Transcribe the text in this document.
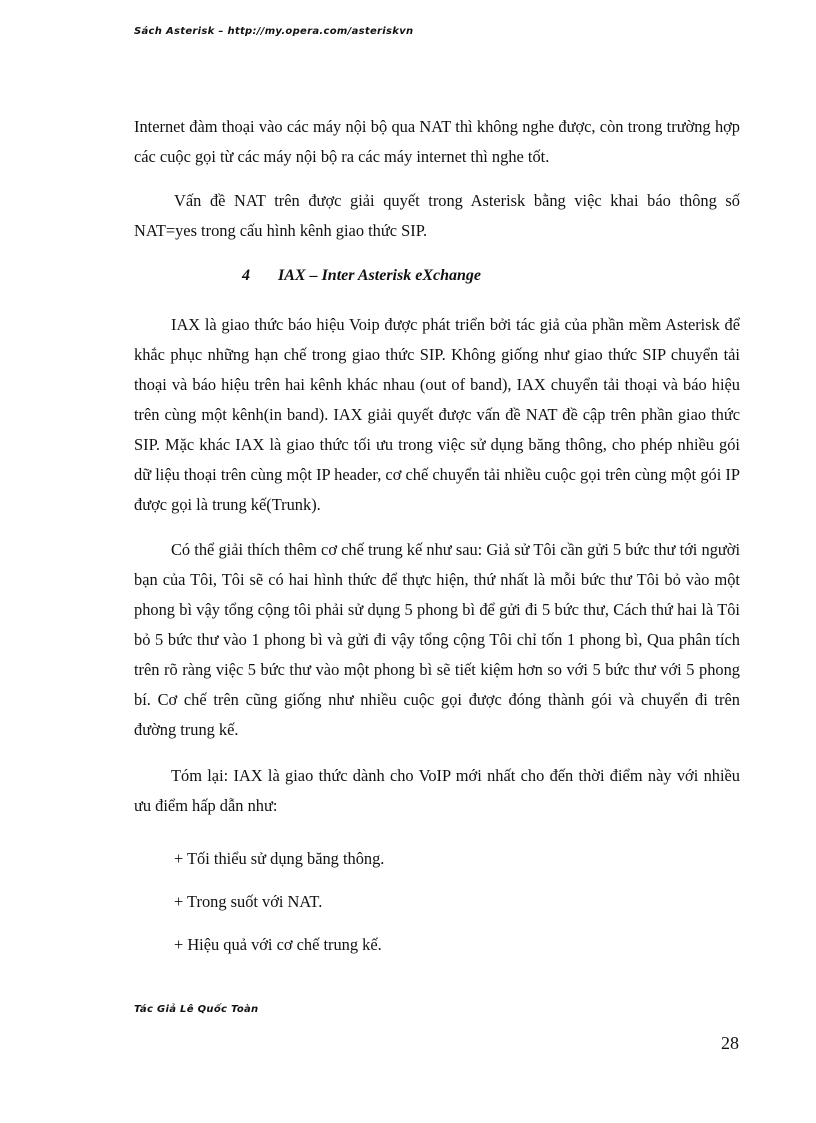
Sách Asterisk – http://my.opera.com/asteriskvn

Internet đàm thoại vào các máy nội bộ qua NAT thì không nghe được, còn trong trường hợp các cuộc gọi từ các máy nội bộ ra các máy internet thì nghe tốt.

Vấn đề NAT trên được giải quyết trong Asterisk bằng việc khai báo thông số NAT=yes trong cấu hình kênh giao thức SIP.

4 IAX – Inter Asterisk eXchange

IAX là giao thức báo hiệu Voip được phát triển bởi tác giả của phần mềm Asterisk để khắc phục những hạn chế trong giao thức SIP. Không giống như giao thức SIP chuyển tải thoại và báo hiệu trên hai kênh khác nhau (out of band), IAX chuyển tải thoại và báo hiệu trên cùng một kênh(in band). IAX giải quyết được vấn đề NAT đề cập trên phần giao thức SIP. Mặc khác IAX là giao thức tối ưu trong việc sử dụng băng thông, cho phép nhiều gói dữ liệu thoại trên cùng một IP header, cơ chế chuyển tải nhiều cuộc gọi trên cùng một gói IP được gọi là trung kế(Trunk).

Có thể giải thích thêm cơ chế trung kế như sau: Giả sử Tôi cần gửi 5 bức thư tới người bạn của Tôi, Tôi sẽ có hai hình thức để thực hiện, thứ nhất là mỗi bức thư Tôi bỏ vào một phong bì vậy tổng cộng tôi phải sử dụng 5 phong bì để gửi đi 5 bức thư, Cách thứ hai là Tôi bỏ 5 bức thư vào 1 phong bì và gửi đi vậy tổng cộng Tôi chỉ tốn 1 phong bì, Qua phân tích trên rõ ràng việc 5 bức thư vào một phong bì sẽ tiết kiệm hơn so với 5 bức thư với 5 phong bí. Cơ chế trên cũng giống như nhiều cuộc gọi được đóng thành gói và chuyển đi trên đường trung kế.

Tóm lại: IAX là giao thức dành cho VoIP mới nhất cho đến thời điểm này với nhiều ưu điểm hấp dẫn như:

+ Tối thiểu sử dụng băng thông.

+ Trong suốt với NAT.

+ Hiệu quả với cơ chế trung kế.

Tác Giả Lê Quốc Toàn
28
